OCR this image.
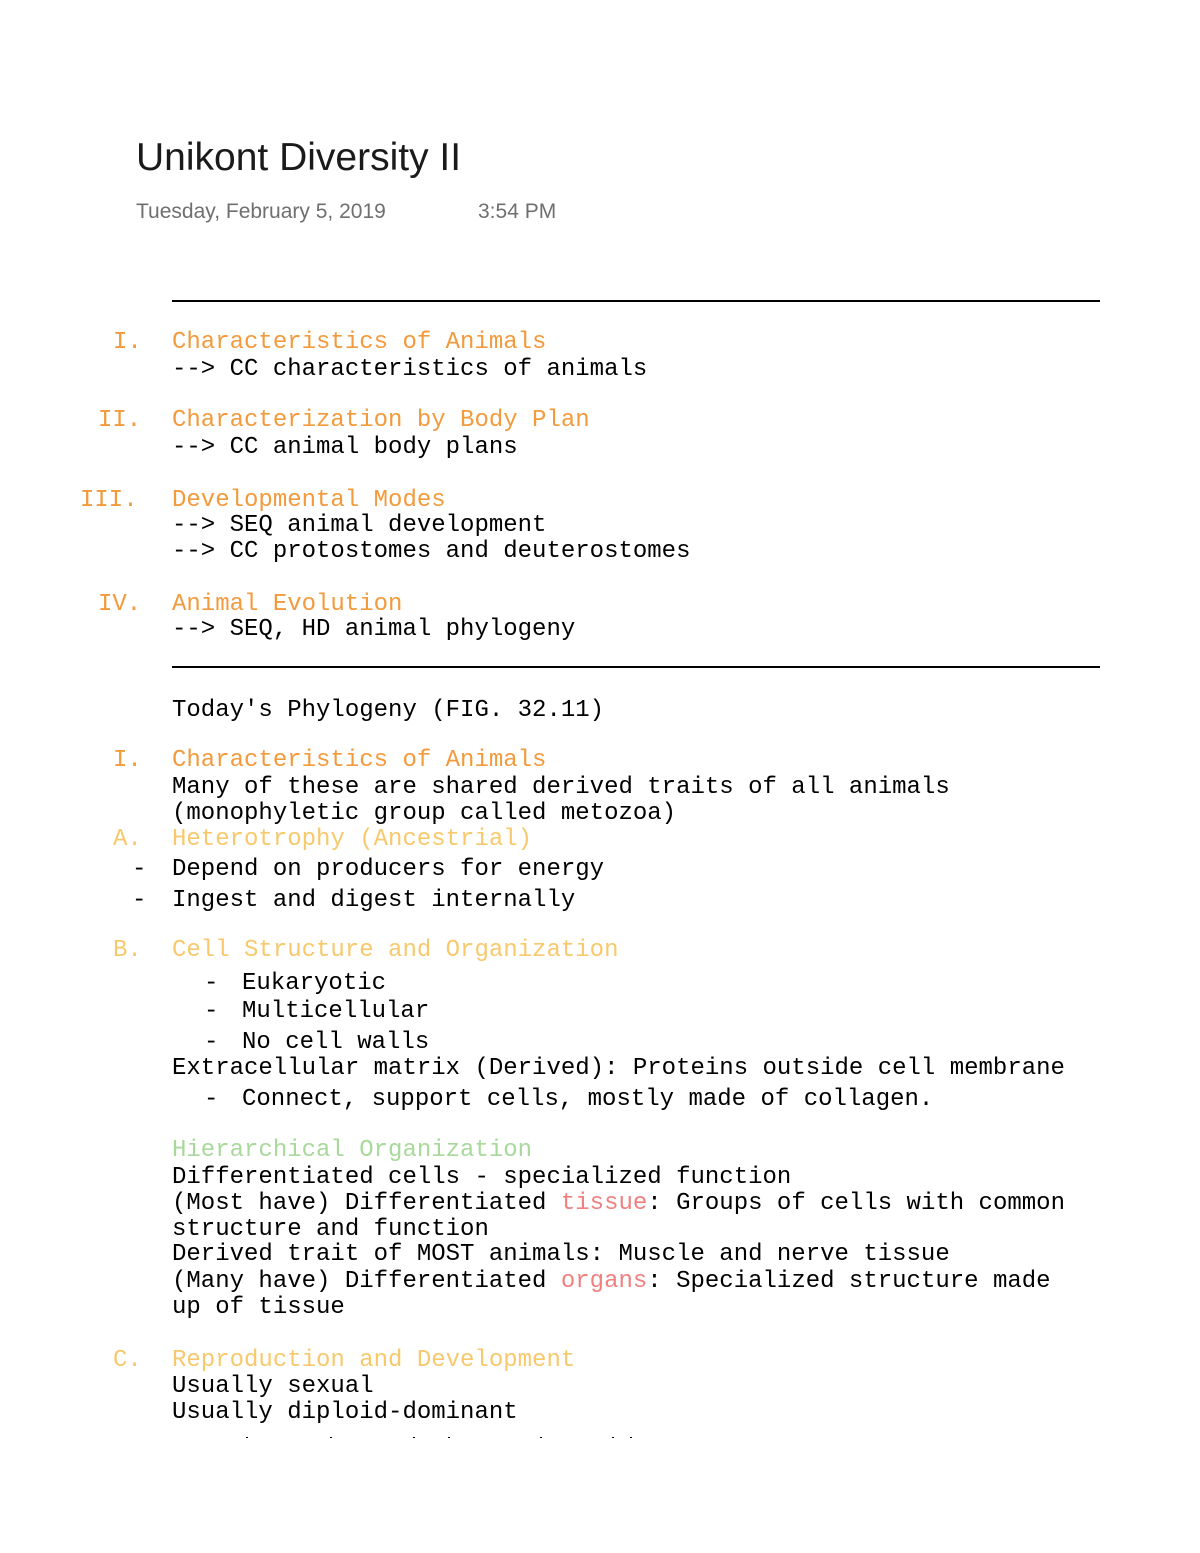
Unikont Diversity II
Tuesday, February 5, 2019	3:54 PM
I. Characteristics of Animals
--> CC characteristics of animals
II. Characterization by Body Plan
--> CC animal body plans
III. Developmental Modes
--> SEQ animal development
--> CC protostomes and deuterostomes
IV. Animal Evolution
--> SEQ, HD animal phylogeny
Today's Phylogeny (FIG. 32.11)
I. Characteristics of Animals
Many of these are shared derived traits of all animals
(monophyletic group called metozoa)
A. Heterotrophy (Ancestrial)
- Depend on producers for energy
- Ingest and digest internally
B. Cell Structure and Organization
- Eukaryotic
- Multicellular
- No cell walls
Extracellular matrix (Derived): Proteins outside cell membrane
- Connect, support cells, mostly made of collagen.
Hierarchical Organization
Differentiated cells - specialized function
(Most have) Differentiated tissue: Groups of cells with common
structure and function
Derived trait of MOST animals: Muscle and nerve tissue
(Many have) Differentiated organs: Specialized structure made
up of tissue
C. Reproduction and Development
Usually sexual
Usually diploid-dominant
